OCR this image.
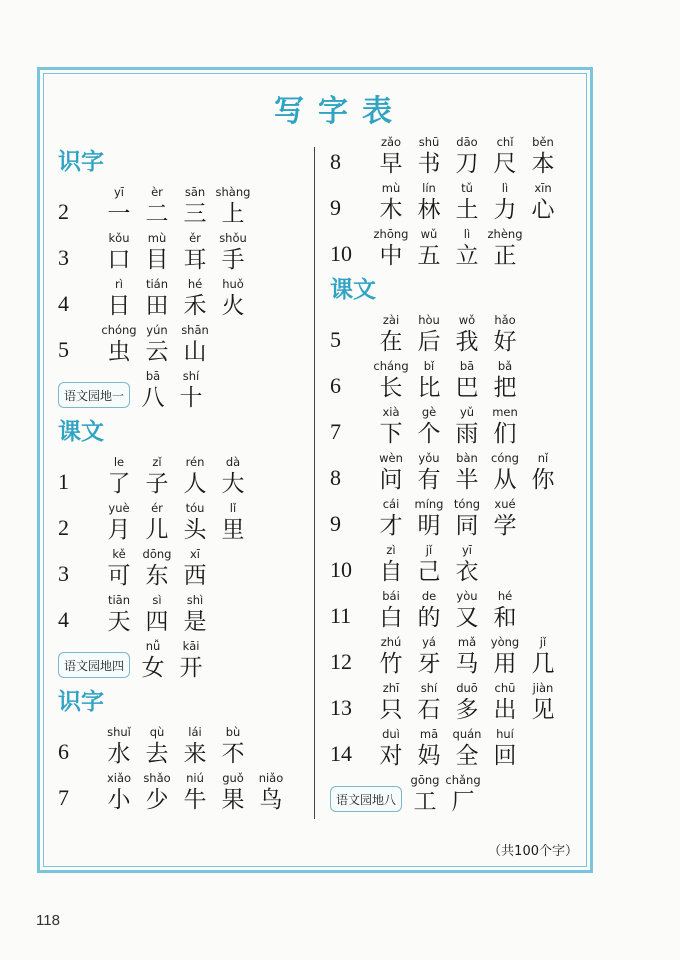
写字表
识字
2
yī
一
èr
二
sān
三
shàng
上
3
kǒu
口
mù
目
ěr
耳
shǒu
手
4
rì
日
tián
田
hé
禾
huǒ
火
5
chóng
虫
yún
云
shān
山
语文园地一
bā
八
shí
十
课文
1
le
了
zǐ
子
rén
人
dà
大
2
yuè
月
ér
儿
tóu
头
lǐ
里
3
kě
可
dōng
东
xī
西
4
tiān
天
sì
四
shì
是
语文园地四
nǚ
女
kāi
开
识字
6
shuǐ
水
qù
去
lái
来
bù
不
7
xiǎo
小
shǎo
少
niú
牛
guǒ
果
niǎo
鸟
8
zǎo
早
shū
书
dāo
刀
chǐ
尺
běn
本
9
mù
木
lín
林
tǔ
土
lì
力
xīn
心
10
zhōng
中
wǔ
五
lì
立
zhèng
正
课文
5
zài
在
hòu
后
wǒ
我
hǎo
好
6
cháng
长
bǐ
比
bā
巴
bǎ
把
7
xià
下
gè
个
yǔ
雨
men
们
8
wèn
问
yǒu
有
bàn
半
cóng
从
nǐ
你
9
cái
才
míng
明
tóng
同
xué
学
10
zì
自
jǐ
己
yī
衣
11
bái
白
de
的
yòu
又
hé
和
12
zhú
竹
yá
牙
mǎ
马
yòng
用
jǐ
几
13
zhī
只
shí
石
duō
多
chū
出
jiàn
见
14
duì
对
mā
妈
quán
全
huí
回
语文园地八
gōng
工
chǎng
厂
（共100个字）
118
